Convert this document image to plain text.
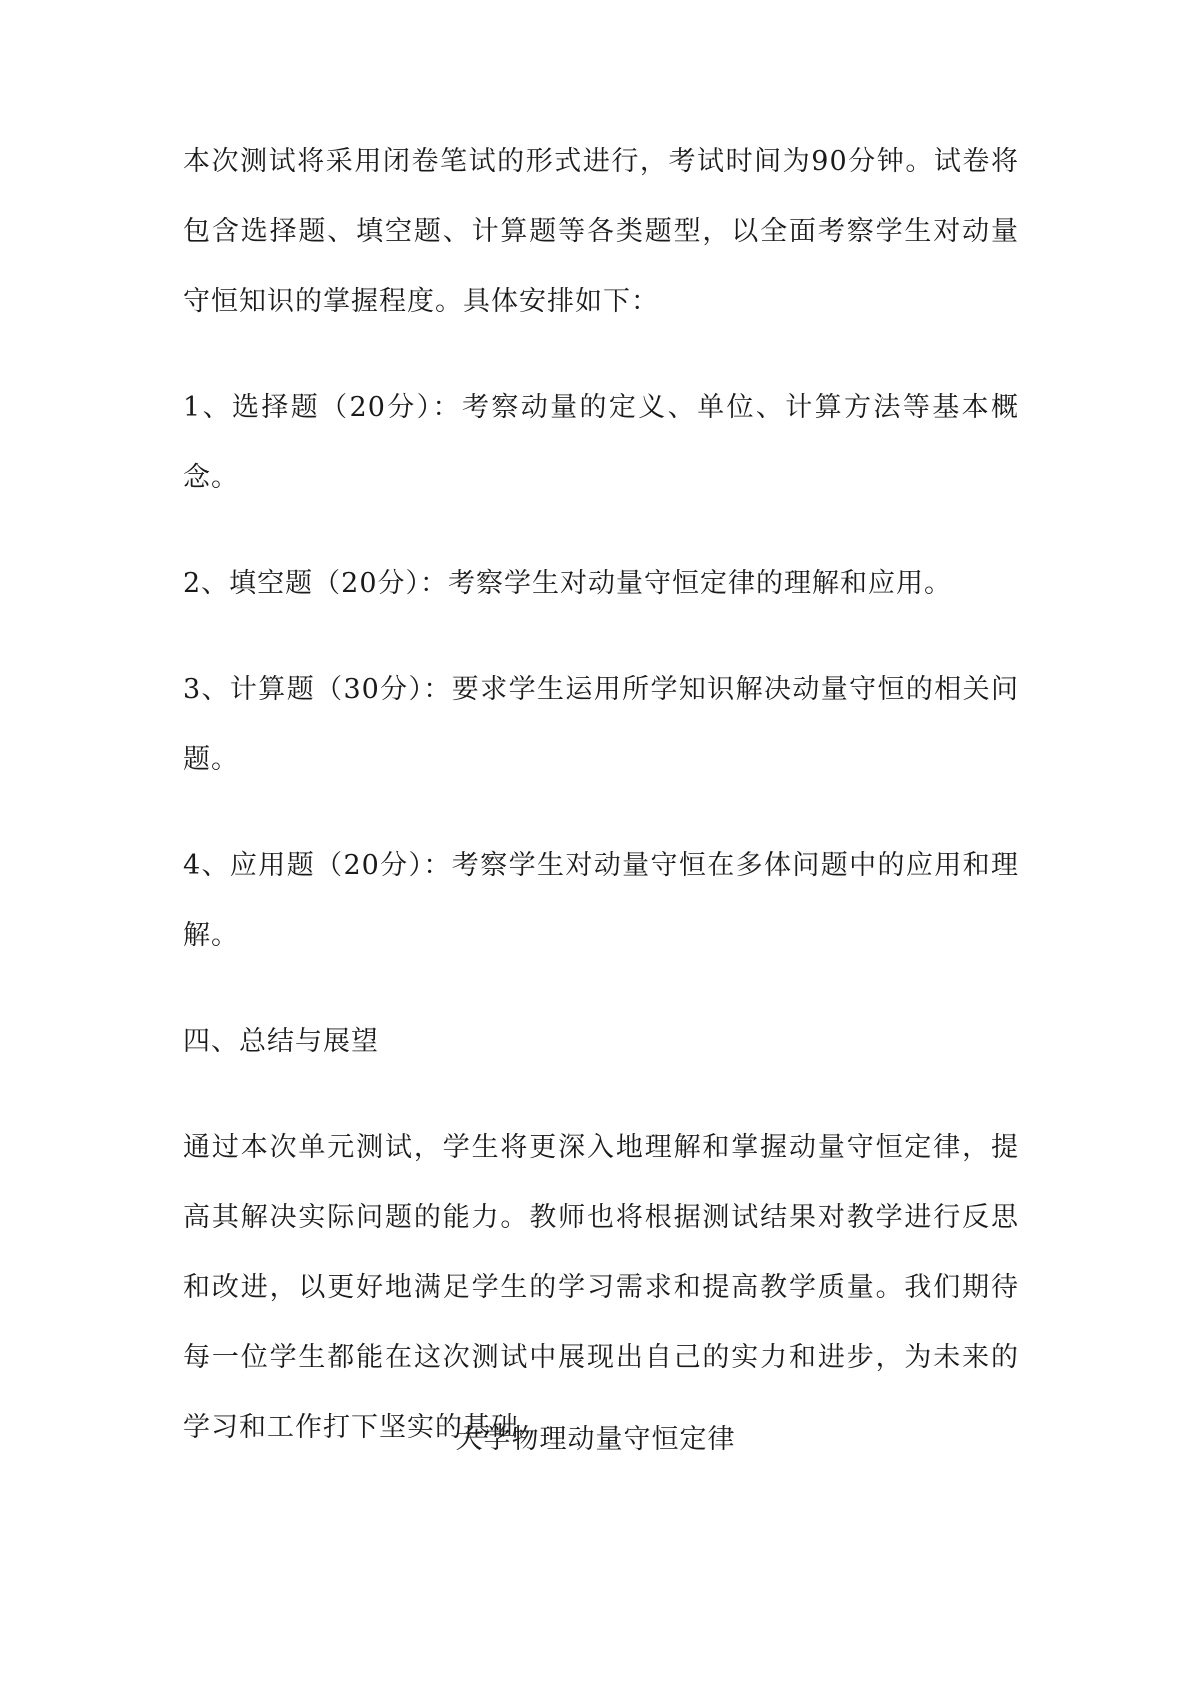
本次测试将采用闭卷笔试的形式进行，考试时间为90分钟。试卷将包含选择题、填空题、计算题等各类题型，以全面考察学生对动量守恒知识的掌握程度。具体安排如下：

1、选择题（20分）：考察动量的定义、单位、计算方法等基本概念。

2、填空题（20分）：考察学生对动量守恒定律的理解和应用。

3、计算题（30分）：要求学生运用所学知识解决动量守恒的相关问题。

4、应用题（20分）：考察学生对动量守恒在多体问题中的应用和理解。

四、总结与展望

通过本次单元测试，学生将更深入地理解和掌握动量守恒定律，提高其解决实际问题的能力。教师也将根据测试结果对教学进行反思和改进，以更好地满足学生的学习需求和提高教学质量。我们期待每一位学生都能在这次测试中展现出自己的实力和进步，为未来的学习和工作打下坚实的基础。

大学物理动量守恒定律
